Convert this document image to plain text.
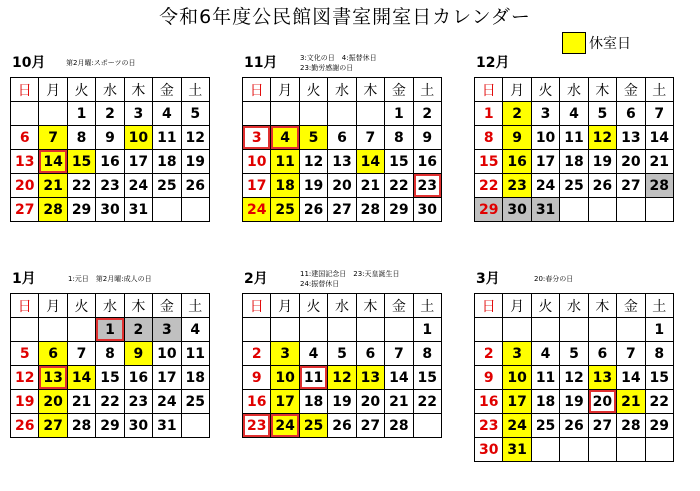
令和6年度公民館図書室開室日カレンダー
休室日
10月	第2月曜:スポーツの日
日	月	火	水	木	金	土
		1	2	3	4	5
6	7	8	9	10	11	12
13	14	15	16	17	18	19
20	21	22	23	24	25	26
27	28	29	30	31		
11月	3:文化の日　4:振替休日
23:勤労感謝の日
日	月	火	水	木	金	土
					1	2
3	4	5	6	7	8	9
10	11	12	13	14	15	16
17	18	19	20	21	22	23
24	25	26	27	28	29	30
12月
日	月	火	水	木	金	土
1	2	3	4	5	6	7
8	9	10	11	12	13	14
15	16	17	18	19	20	21
22	23	24	25	26	27	28
29	30	31				
1月	1:元日　第2月曜:成人の日
日	月	火	水	木	金	土
			1	2	3	4
5	6	7	8	9	10	11
12	13	14	15	16	17	18
19	20	21	22	23	24	25
26	27	28	29	30	31	
2月	11:建国記念日　23:天皇誕生日
24:振替休日
日	月	火	水	木	金	土
						1
2	3	4	5	6	7	8
9	10	11	12	13	14	15
16	17	18	19	20	21	22
23	24	25	26	27	28	
3月	20:春分の日
日	月	火	水	木	金	土
						1
2	3	4	5	6	7	8
9	10	11	12	13	14	15
16	17	18	19	20	21	22
23	24	25	26	27	28	29
30	31					
